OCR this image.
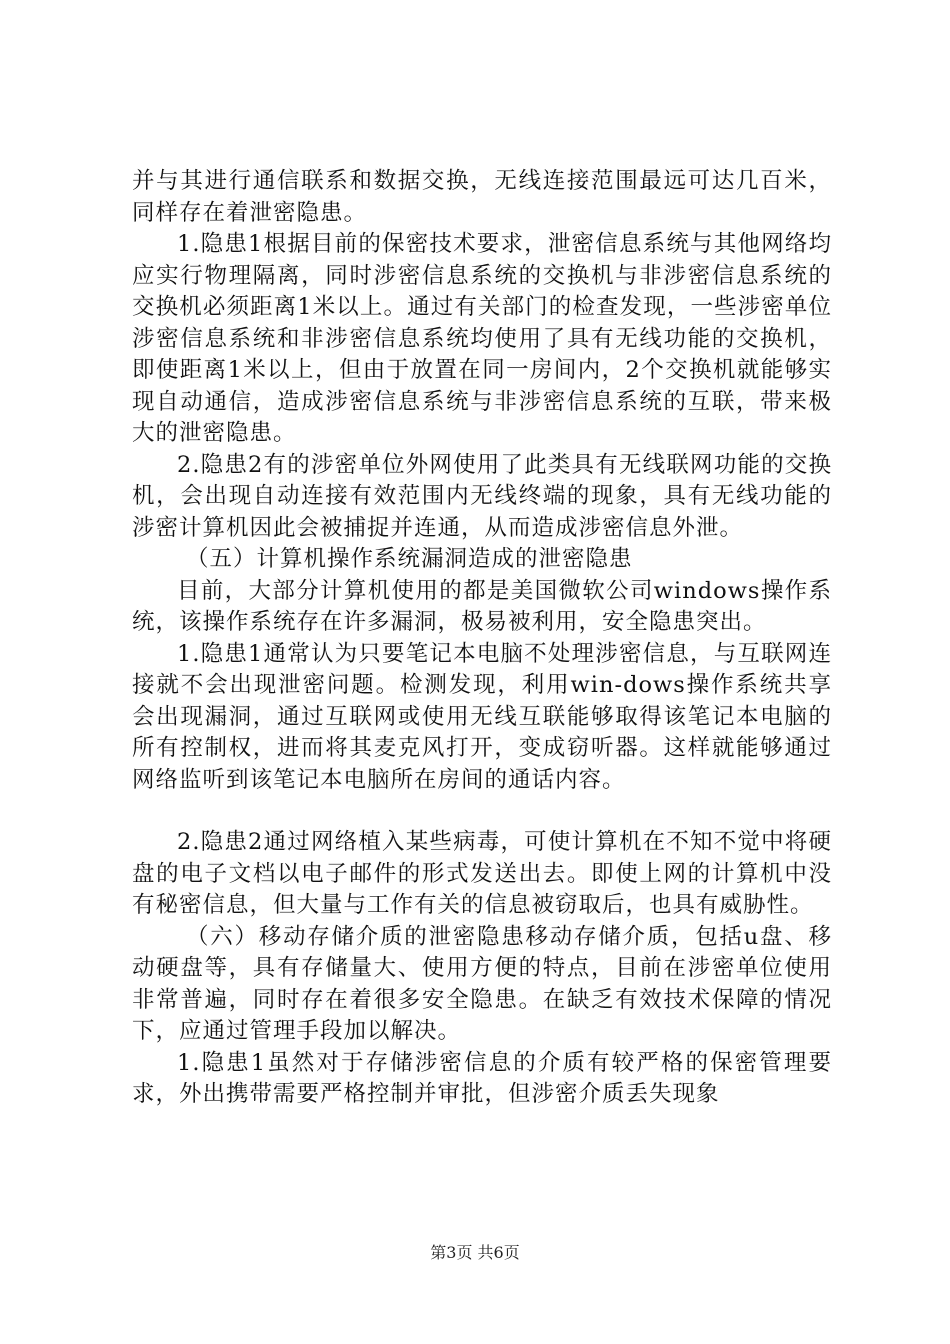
并与其进行通信联系和数据交换，无线连接范围最远可达几百米，同样存在着泄密隐患。

1.隐患1根据目前的保密技术要求，泄密信息系统与其他网络均应实行物理隔离，同时涉密信息系统的交换机与非涉密信息系统的交换机必须距离1米以上。通过有关部门的检查发现，一些涉密单位涉密信息系统和非涉密信息系统均使用了具有无线功能的交换机，即使距离1米以上，但由于放置在同一房间内，2个交换机就能够实现自动通信，造成涉密信息系统与非涉密信息系统的互联，带来极大的泄密隐患。

2.隐患2有的涉密单位外网使用了此类具有无线联网功能的交换机，会出现自动连接有效范围内无线终端的现象，具有无线功能的涉密计算机因此会被捕捉并连通，从而造成涉密信息外泄。

（五）计算机操作系统漏洞造成的泄密隐患

目前，大部分计算机使用的都是美国微软公司windows操作系统，该操作系统存在许多漏洞，极易被利用，安全隐患突出。

1.隐患1通常认为只要笔记本电脑不处理涉密信息，与互联网连接就不会出现泄密问题。检测发现，利用win-dows操作系统共享会出现漏洞，通过互联网或使用无线互联能够取得该笔记本电脑的所有控制权，进而将其麦克风打开，变成窃听器。这样就能够通过网络监听到该笔记本电脑所在房间的通话内容。

2.隐患2通过网络植入某些病毒，可使计算机在不知不觉中将硬盘的电子文档以电子邮件的形式发送出去。即使上网的计算机中没有秘密信息，但大量与工作有关的信息被窃取后，也具有威胁性。

（六）移动存储介质的泄密隐患移动存储介质，包括u盘、移动硬盘等，具有存储量大、使用方便的特点，目前在涉密单位使用非常普遍，同时存在着很多安全隐患。在缺乏有效技术保障的情况下，应通过管理手段加以解决。

1.隐患1虽然对于存储涉密信息的介质有较严格的保密管理要求，外出携带需要严格控制并审批，但涉密介质丢失现象

第3页 共6页
